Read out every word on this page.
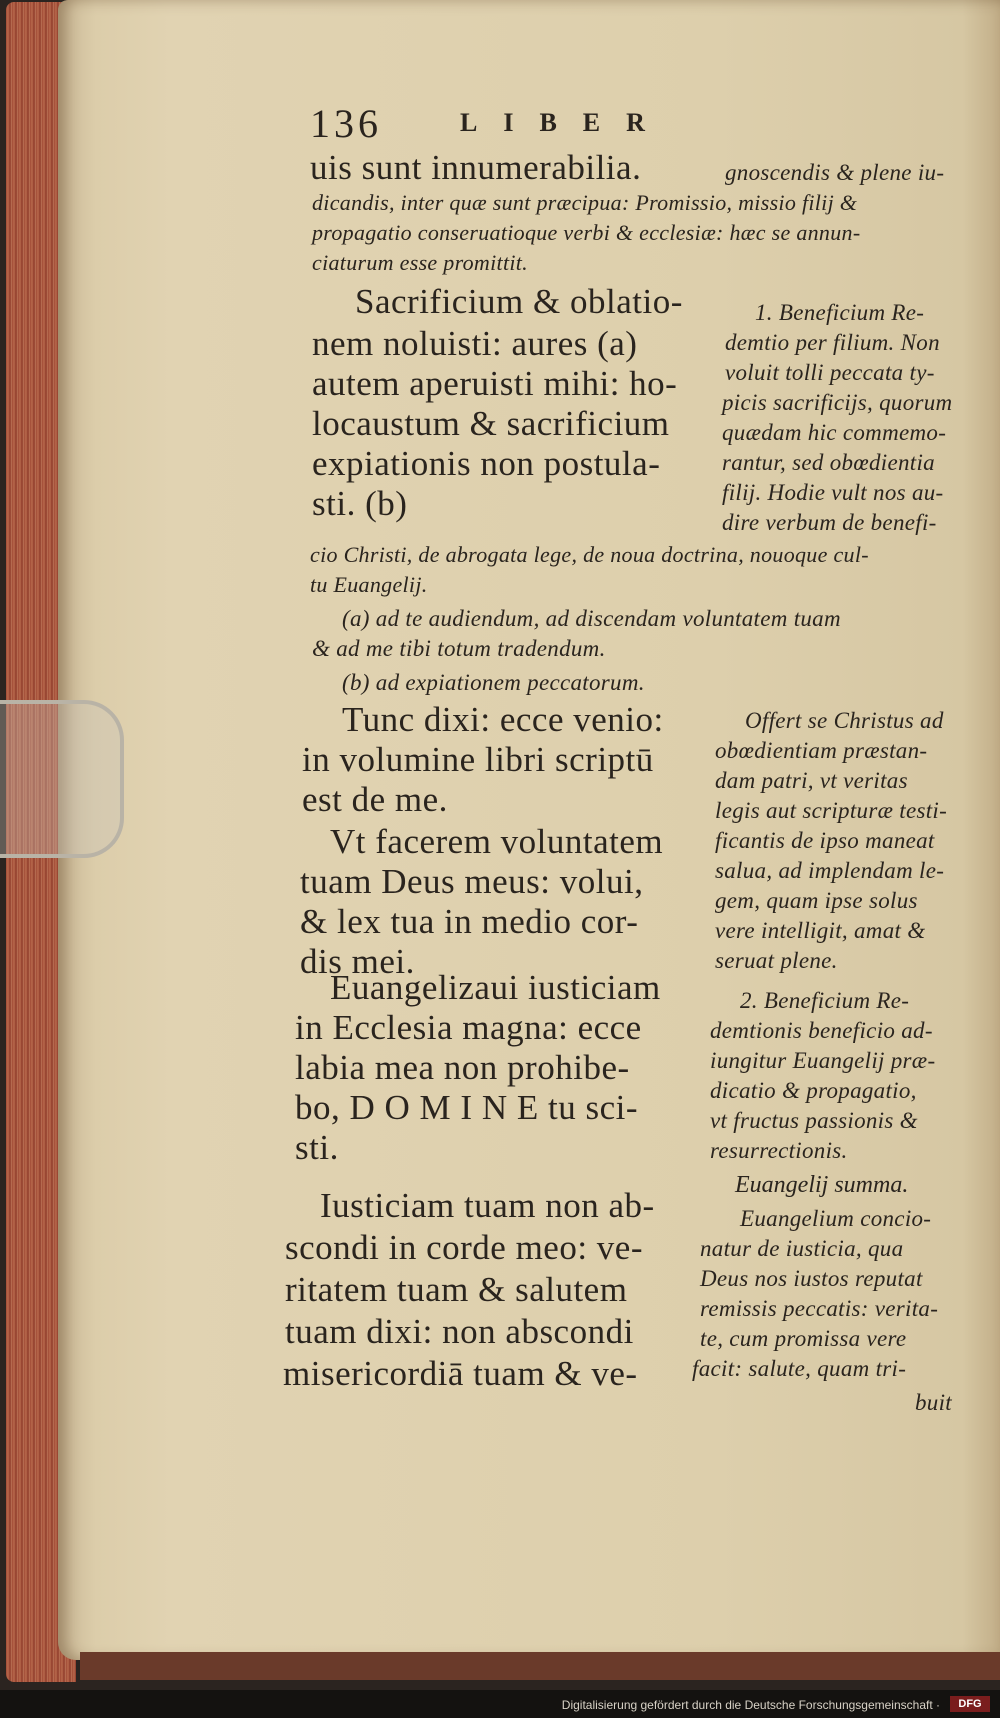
136	LIBER
uis sunt innumerabilia.	gnoscendis & plene iu-
dicandis, inter quæ sunt præcipua: Promissio, missio filij &
propagatio conseruatioque verbi & ecclesiæ: hæc se annun-
ciaturum esse promittit.
Sacrificium & oblatio-
nem noluisti: aures (a)
autem aperuisti mihi: ho-
locaustum & sacrificium
expiationis non postula-
sti. (b)
1. Beneficium Re-
demtio per filium. Non
voluit tolli peccata ty-
picis sacrificijs, quorum
quædam hic commemo-
rantur, sed obœdientia
filij. Hodie vult nos au-
dire verbum de benefi-
cio Christi, de abrogata lege, de noua doctrina, nouoque cul-
tu Euangelij.
(a) ad te audiendum, ad discendam voluntatem tuam
& ad me tibi totum tradendum.
(b) ad expiationem peccatorum.
Tunc dixi: ecce venio:
in volumine libri scriptū
est de me.
Vt facerem voluntatem
tuam Deus meus: volui,
& lex tua in medio cor-
dis mei.
Euangelizaui iusticiam
in Ecclesia magna: ecce
labia mea non prohibe-
bo, D O M I N E tu sci-
sti.
Offert se Christus ad
obœdientiam præstan-
dam patri, vt veritas
legis aut scripturæ testi-
ficantis de ipso maneat
salua, ad implendam le-
gem, quam ipse solus
vere intelligit, amat &
seruat plene.
2. Beneficium Re-
demtionis beneficio ad-
iungitur Euangelij præ-
dicatio & propagatio,
vt fructus passionis &
resurrectionis.
Euangelij summa.
Euangelium concio-
natur de iusticia, qua
Deus nos iustos reputat
remissis peccatis: verita-
te, cum promissa vere
facit: salute, quam tri-
buit
Iusticiam tuam non ab-
scondi in corde meo: ve-
ritatem tuam & salutem
tuam dixi: non abscondi
misericordiā tuam & ve-
Digitalisierung gefördert durch die Deutsche Forschungsgemeinschaft ·	DFG
